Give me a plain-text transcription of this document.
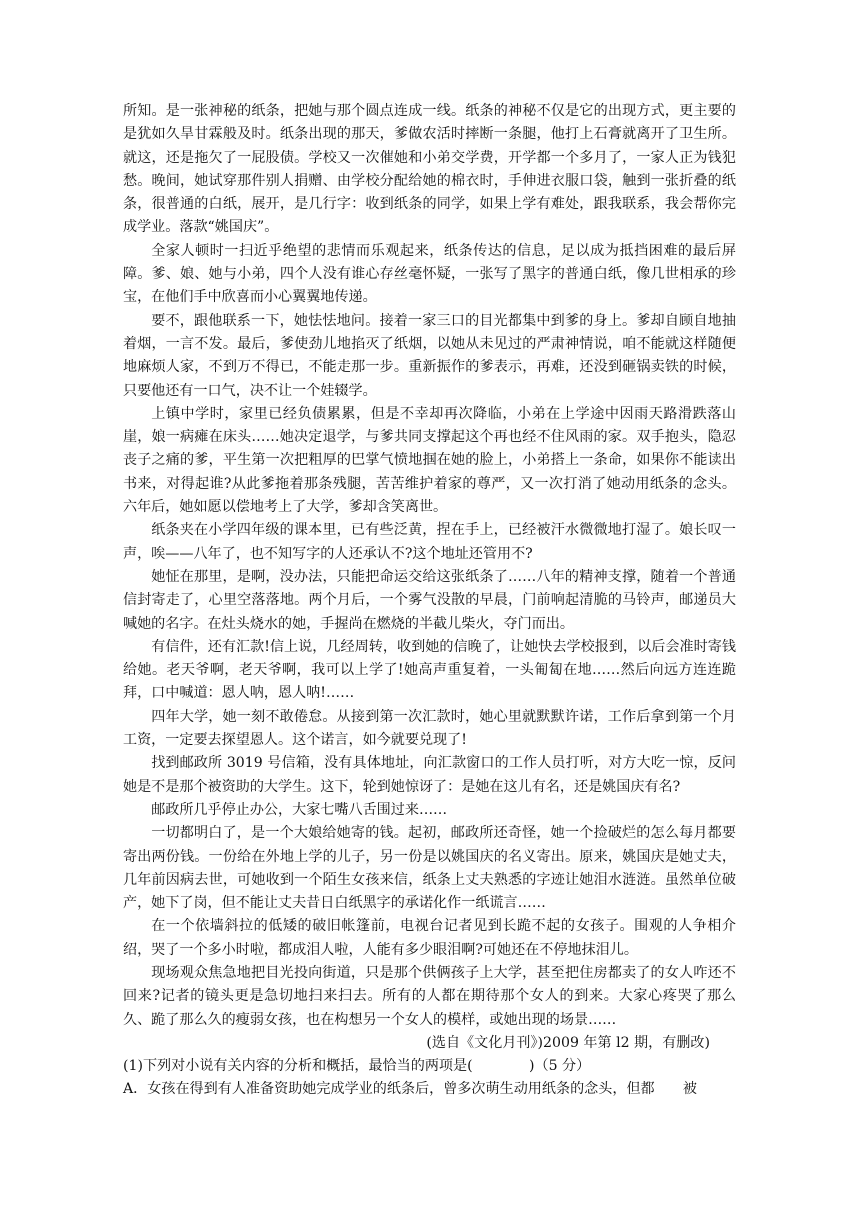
所知。是一张神秘的纸条，把她与那个圆点连成一线。纸条的神秘不仅是它的出现方式，更主要的是犹如久旱甘霖般及时。纸条出现的那天，爹做农活时摔断一条腿，他打上石膏就离开了卫生所。就这，还是拖欠了一屁股债。学校又一次催她和小弟交学费，开学都一个多月了，一家人正为钱犯愁。晚间，她试穿那件别人捐赠、由学校分配给她的棉衣时，手伸进衣服口袋，触到一张折叠的纸条，很普通的白纸，展开，是几行字：收到纸条的同学，如果上学有难处，跟我联系，我会帮你完成学业。落款“姚国庆”。

全家人顿时一扫近乎绝望的悲情而乐观起来，纸条传达的信息，足以成为抵挡困难的最后屏障。爹、娘、她与小弟，四个人没有谁心存丝毫怀疑，一张写了黑字的普通白纸，像几世相承的珍宝，在他们手中欣喜而小心翼翼地传递。

要不，跟他联系一下，她怯怯地问。接着一家三口的目光都集中到爹的身上。爹却自顾自地抽着烟，一言不发。最后，爹使劲儿地掐灭了纸烟，以她从未见过的严肃神情说，咱不能就这样随便地麻烦人家，不到万不得已，不能走那一步。重新振作的爹表示，再难，还没到砸锅卖铁的时候，只要他还有一口气，决不让一个娃辍学。

上镇中学时，家里已经负债累累，但是不幸却再次降临，小弟在上学途中因雨天路滑跌落山崖，娘一病瘫在床头……她决定退学，与爹共同支撑起这个再也经不住风雨的家。双手抱头，隐忍丧子之痛的爹，平生第一次把粗厚的巴掌气愤地掴在她的脸上，小弟搭上一条命，如果你不能读出书来，对得起谁?从此爹拖着那条残腿，苦苦维护着家的尊严，又一次打消了她动用纸条的念头。六年后，她如愿以偿地考上了大学，爹却含笑离世。

纸条夹在小学四年级的课本里，已有些泛黄，捏在手上，已经被汗水微微地打湿了。娘长叹一声，唉——八年了，也不知写字的人还承认不?这个地址还管用不?

她怔在那里，是啊，没办法，只能把命运交给这张纸条了……八年的精神支撑，随着一个普通信封寄走了，心里空落落地。两个月后，一个雾气没散的早晨，门前响起清脆的马铃声，邮递员大喊她的名字。在灶头烧水的她，手握尚在燃烧的半截儿柴火，夺门而出。

有信件，还有汇款!信上说，几经周转，收到她的信晚了，让她快去学校报到，以后会准时寄钱给她。老天爷啊，老天爷啊，我可以上学了!她高声重复着，一头匍匐在地……然后向远方连连跪拜，口中喊道：恩人呐，恩人呐!……

四年大学，她一刻不敢倦怠。从接到第一次汇款时，她心里就默默许诺，工作后拿到第一个月工资，一定要去探望恩人。这个诺言，如今就要兑现了!

找到邮政所 3019 号信箱，没有具体地址，向汇款窗口的工作人员打听，对方大吃一惊，反问她是不是那个被资助的大学生。这下，轮到她惊讶了：是她在这儿有名，还是姚国庆有名?

邮政所几乎停止办公，大家七嘴八舌围过来……

一切都明白了，是一个大娘给她寄的钱。起初，邮政所还奇怪，她一个捡破烂的怎么每月都要寄出两份钱。一份给在外地上学的儿子，另一份是以姚国庆的名义寄出。原来，姚国庆是她丈夫，几年前因病去世，可她收到一个陌生女孩来信，纸条上丈夫熟悉的字迹让她泪水涟涟。虽然单位破产，她下了岗，但不能让丈夫昔日白纸黑字的承诺化作一纸谎言……

在一个依墙斜拉的低矮的破旧帐篷前，电视台记者见到长跪不起的女孩子。围观的人争相介绍，哭了一个多小时啦，都成泪人啦，人能有多少眼泪啊?可她还在不停地抹泪儿。

现场观众焦急地把目光投向街道，只是那个供俩孩子上大学，甚至把住房都卖了的女人咋还不回来?记者的镜头更是急切地扫来扫去。所有的人都在期待那个女人的到来。大家心疼哭了那么久、跪了那么久的瘦弱女孩，也在构想另一个女人的模样，或她出现的场景……

(选自《文化月刊》)2009 年第 l2 期，有删改)

(1)下列对小说有关内容的分析和概括，最恰当的两项是(　　　　)（5 分）

A．女孩在得到有人准备资助她完成学业的纸条后，曾多次萌生动用纸条的念头，但都　　被
